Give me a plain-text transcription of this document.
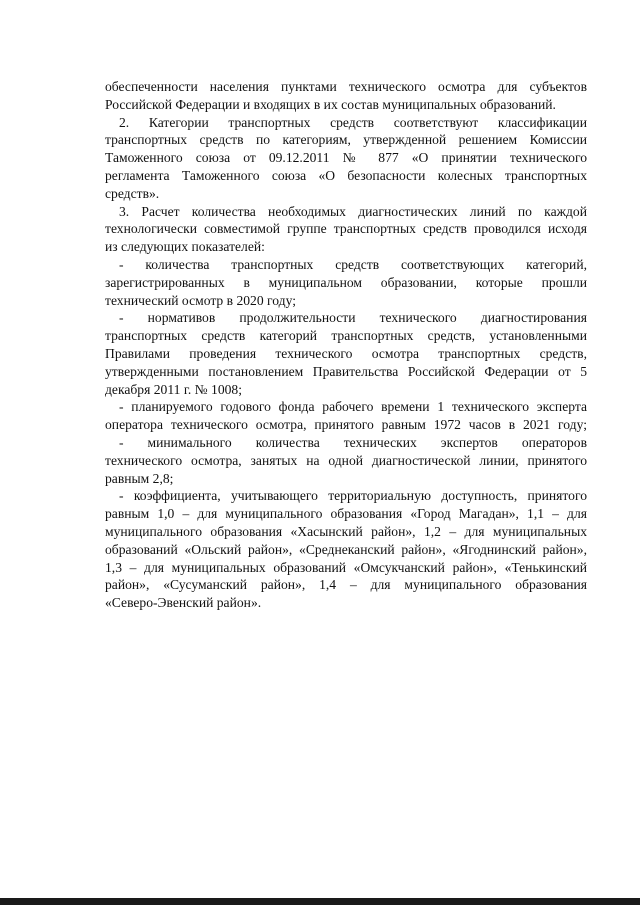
обеспеченности населения пунктами технического осмотра для субъектов
Российской Федерации и входящих в их состав муниципальных образований.
2. Категории транспортных средств соответствуют классификации
транспортных средств по категориям, утвержденной решением Комиссии
Таможенного союза от 09.12.2011 № 877 «О принятии технического
регламента Таможенного союза «О безопасности колесных транспортных
средств».
3. Расчет количества необходимых диагностических линий по каждой
технологически совместимой группе транспортных средств проводился исходя
из следующих показателей:
- количества транспортных средств соответствующих категорий,
зарегистрированных в муниципальном образовании, которые прошли
технический осмотр в 2020 году;
- нормативов продолжительности технического диагностирования
транспортных средств категорий транспортных средств, установленными
Правилами проведения технического осмотра транспортных средств,
утвержденными постановлением Правительства Российской Федерации от 5
декабря 2011 г. № 1008;
- планируемого годового фонда рабочего времени 1 технического эксперта
оператора технического осмотра, принятого равным 1972 часов в 2021 году;
- минимального количества технических экспертов операторов
технического осмотра, занятых на одной диагностической линии, принятого
равным 2,8;
- коэффициента, учитывающего территориальную доступность, принятого
равным 1,0 – для муниципального образования «Город Магадан», 1,1 – для
муниципального образования «Хасынский район», 1,2 – для муниципальных
образований «Ольский район», «Среднеканский район», «Ягоднинский район»,
1,3 – для муниципальных образований «Омсукчанский район», «Тенькинский
район», «Сусуманский район», 1,4 – для муниципального образования
«Северо-Эвенский район».
